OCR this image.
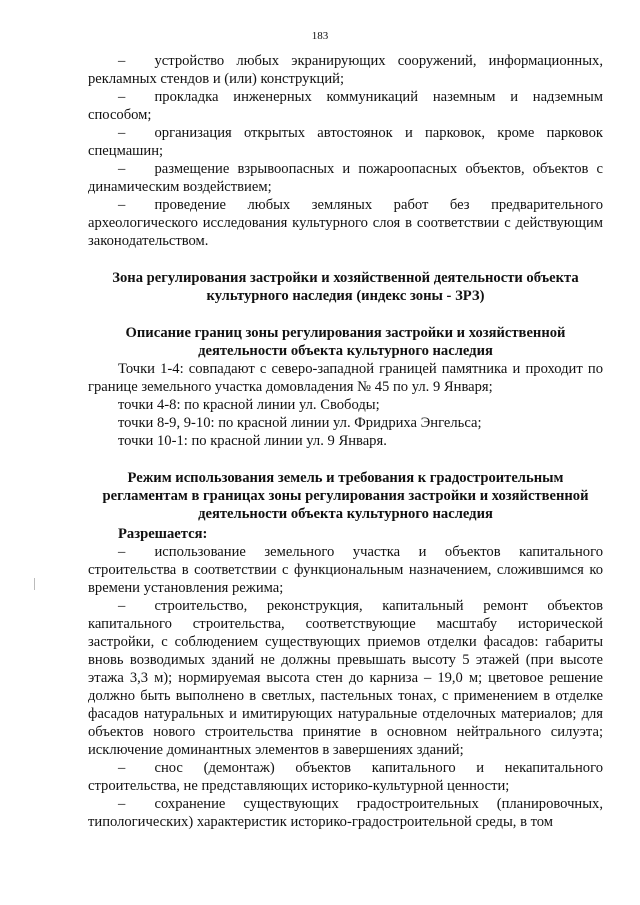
183

–  устройство любых экранирующих сооружений, информационных, рекламных стендов и (или) конструкций;

–  прокладка инженерных коммуникаций наземным и надземным способом;

–  организация открытых автостоянок и парковок, кроме парковок спецмашин;

–  размещение взрывоопасных и пожароопасных объектов, объектов с динамическим воздействием;

–  проведение любых земляных работ без предварительного археологического исследования культурного слоя в соответствии с действующим законодательством.

Зона регулирования застройки и хозяйственной деятельности объекта культурного наследия (индекс зоны - ЗРЗ)
Описание границ зоны регулирования застройки и хозяйственной деятельности объекта культурного наследия

Точки 1-4: совпадают с северо-западной границей памятника и проходит по границе земельного участка домовладения № 45 по ул. 9 Января;

точки 4-8: по красной линии ул. Свободы;

точки 8-9, 9-10: по красной линии ул. Фридриха Энгельса;

точки 10-1: по красной линии ул. 9 Января.

Режим использования земель и требования к градостроительным регламентам в границах зоны регулирования застройки и хозяйственной деятельности объекта культурного наследия

Разрешается:

–  использование земельного участка и объектов капитального строительства в соответствии с функциональным назначением, сложившимся ко времени установления режима;

–  строительство, реконструкция, капитальный ремонт объектов капитального строительства, соответствующие масштабу исторической застройки, с соблюдением существующих приемов отделки фасадов: габариты вновь возводимых зданий не должны превышать высоту 5 этажей (при высоте этажа 3,3 м); нормируемая высота стен до карниза – 19,0 м; цветовое решение должно быть выполнено в светлых, пастельных тонах, с применением в отделке фасадов натуральных и имитирующих натуральные отделочных материалов; для объектов нового строительства принятие в основном нейтрального силуэта; исключение доминантных элементов в завершениях зданий;

–  снос (демонтаж) объектов капитального и некапитального строительства, не представляющих историко-культурной ценности;

–  сохранение существующих градостроительных (планировочных, типологических) характеристик историко-градостроительной среды, в том
